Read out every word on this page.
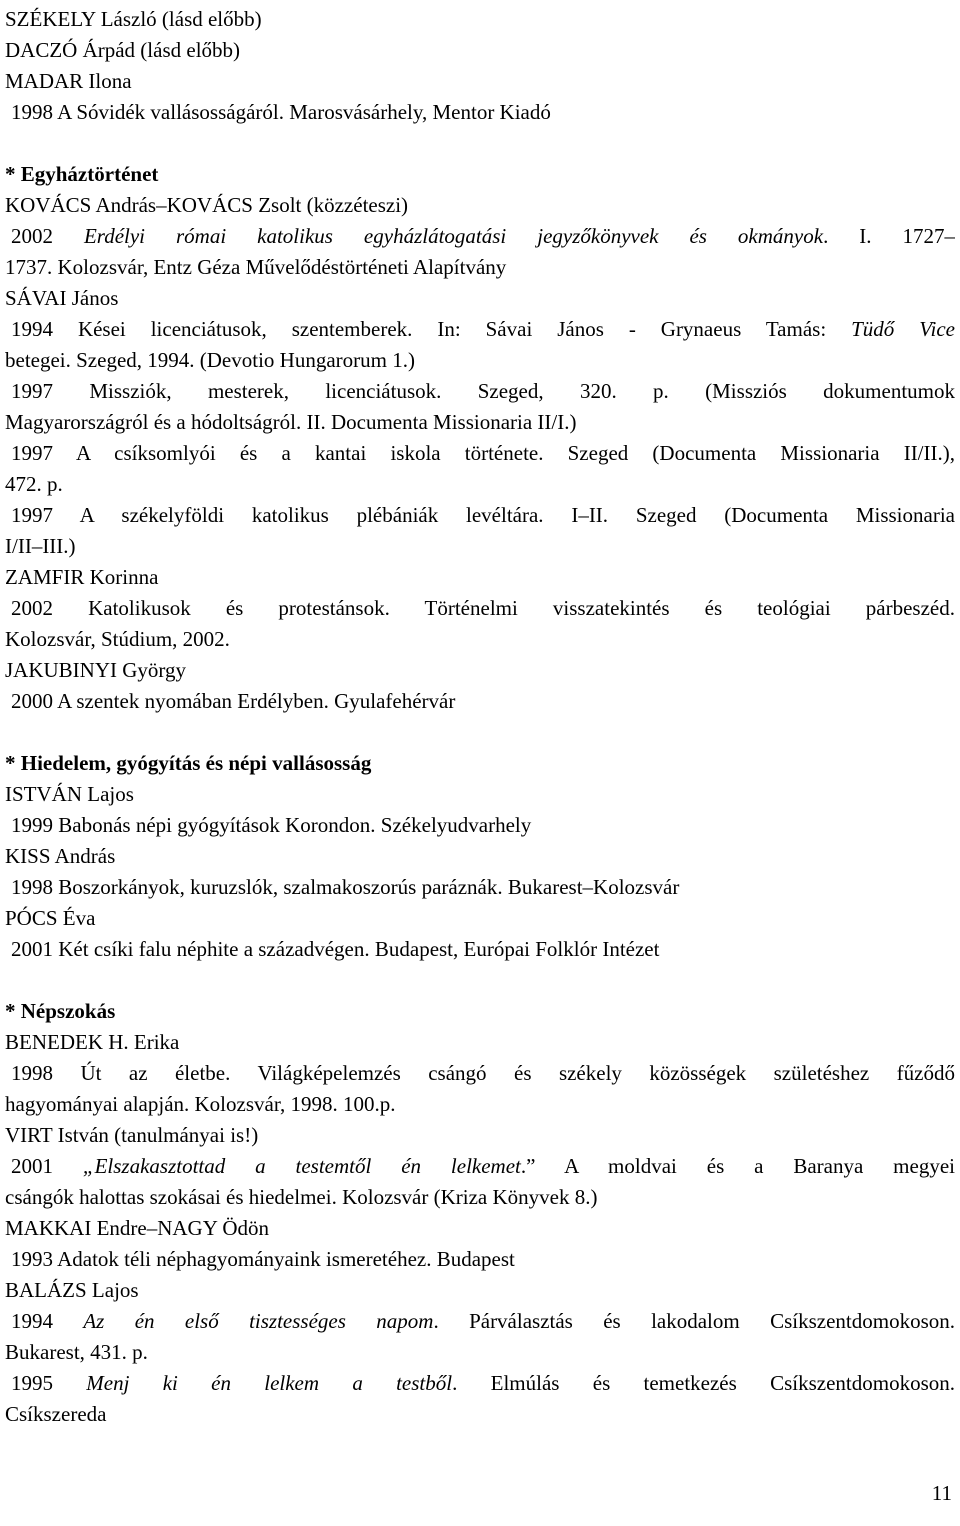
SZÉKELY László (lásd előbb)
DACZÓ Árpád (lásd előbb)
MADAR Ilona
1998 A Sóvidék vallásosságáról. Marosvásárhely, Mentor Kiadó
* Egyháztörténet
KOVÁCS András–KOVÁCS Zsolt (közzéteszi)
2002 Erdélyi római katolikus egyházlátogatási jegyzőkönyvek és okmányok. I. 1727–
1737. Kolozsvár, Entz Géza Művelődéstörténeti Alapítvány
SÁVAI János
1994 Kései licenciátusok, szentemberek. In: Sávai János - Grynaeus Tamás: Tüdő Vice
betegei. Szeged, 1994. (Devotio Hungarorum 1.)
1997 Missziók, mesterek, licenciátusok. Szeged, 320. p. (Missziós dokumentumok
Magyarországról és a hódoltságról. II. Documenta Missionaria II/I.)
1997 A csíksomlyói és a kantai iskola története. Szeged (Documenta Missionaria II/II.),
472. p.
1997 A székelyföldi katolikus plébániák levéltára. I–II. Szeged (Documenta Missionaria
I/II–III.)
ZAMFIR Korinna
2002 Katolikusok és protestánsok. Történelmi visszatekintés és teológiai párbeszéd.
Kolozsvár, Stúdium, 2002.
JAKUBINYI György
2000 A szentek nyomában Erdélyben. Gyulafehérvár
* Hiedelem, gyógyítás és népi vallásosság
ISTVÁN Lajos
1999 Babonás népi gyógyítások Korondon. Székelyudvarhely
KISS András
1998 Boszorkányok, kuruzslók, szalmakoszorús paráznák. Bukarest–Kolozsvár
PÓCS Éva
2001 Két csíki falu néphite a századvégen. Budapest, Európai Folklór Intézet
* Népszokás
BENEDEK H. Erika
1998 Út az életbe. Világképelemzés csángó és székely közösségek születéshez fűződő
hagyományai alapján. Kolozsvár, 1998. 100.p.
VIRT István (tanulmányai is!)
2001 „Elszakasztottad a testemtől én lelkemet.” A moldvai és a Baranya megyei
csángók halottas szokásai és hiedelmei. Kolozsvár (Kriza Könyvek 8.)
MAKKAI Endre–NAGY Ödön
1993 Adatok téli néphagyományaink ismeretéhez. Budapest
BALÁZS Lajos
1994 Az én első tisztességes napom. Párválasztás és lakodalom Csíkszentdomokoson.
Bukarest, 431. p.
1995 Menj ki én lelkem a testből. Elmúlás és temetkezés Csíkszentdomokoson.
Csíkszereda
11
